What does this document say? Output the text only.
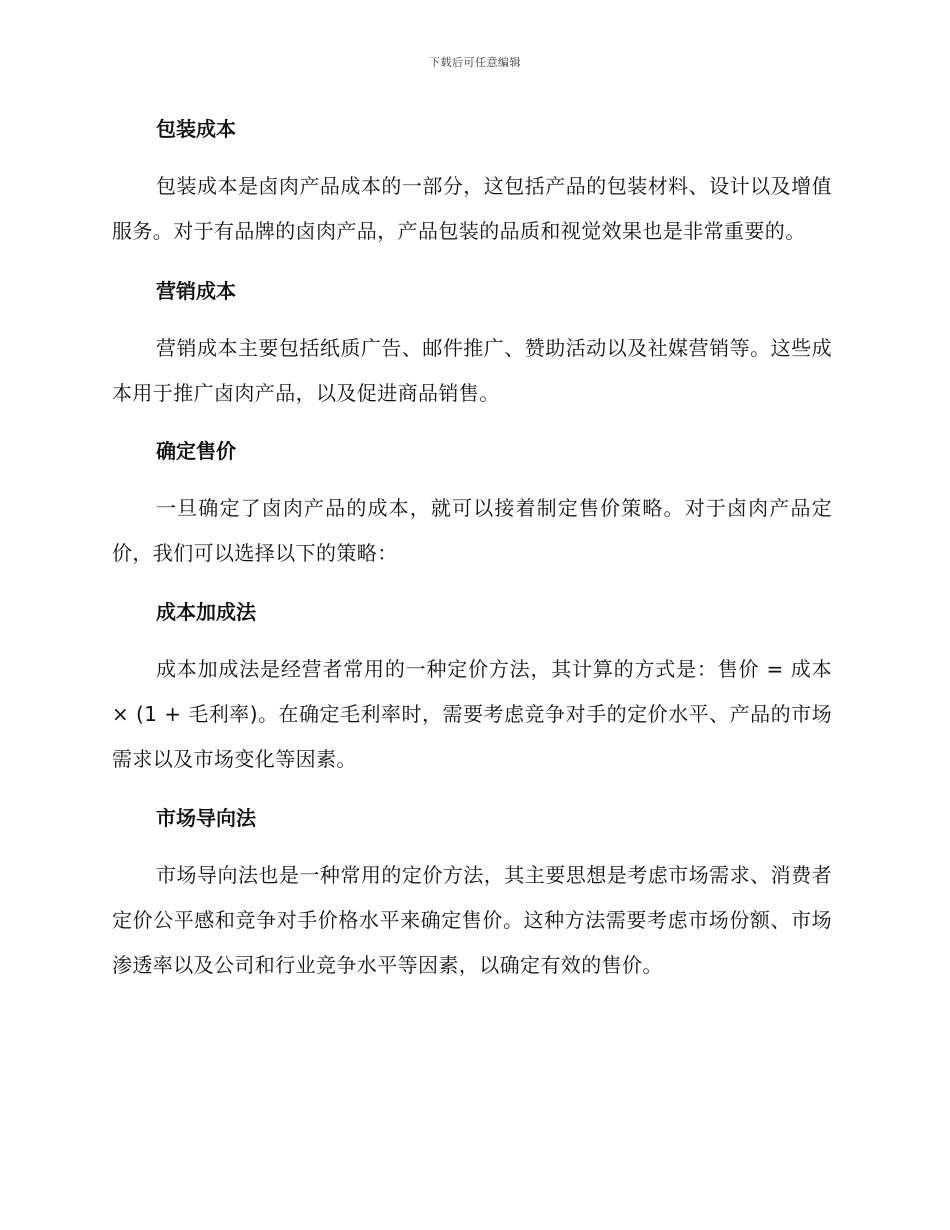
下载后可任意编辑
包装成本

包装成本是卤肉产品成本的一部分，这包括产品的包装材料、设计以及增值服务。对于有品牌的卤肉产品，产品包装的品质和视觉效果也是非常重要的。

营销成本

营销成本主要包括纸质广告、邮件推广、赞助活动以及社媒营销等。这些成本用于推广卤肉产品，以及促进商品销售。

确定售价

一旦确定了卤肉产品的成本，就可以接着制定售价策略。对于卤肉产品定价，我们可以选择以下的策略：

成本加成法

成本加成法是经营者常用的一种定价方法，其计算的方式是：售价 = 成本 × (1 + 毛利率)。在确定毛利率时，需要考虑竞争对手的定价水平、产品的市场需求以及市场变化等因素。

市场导向法

市场导向法也是一种常用的定价方法，其主要思想是考虑市场需求、消费者定价公平感和竞争对手价格水平来确定售价。这种方法需要考虑市场份额、市场渗透率以及公司和行业竞争水平等因素，以确定有效的售价。
